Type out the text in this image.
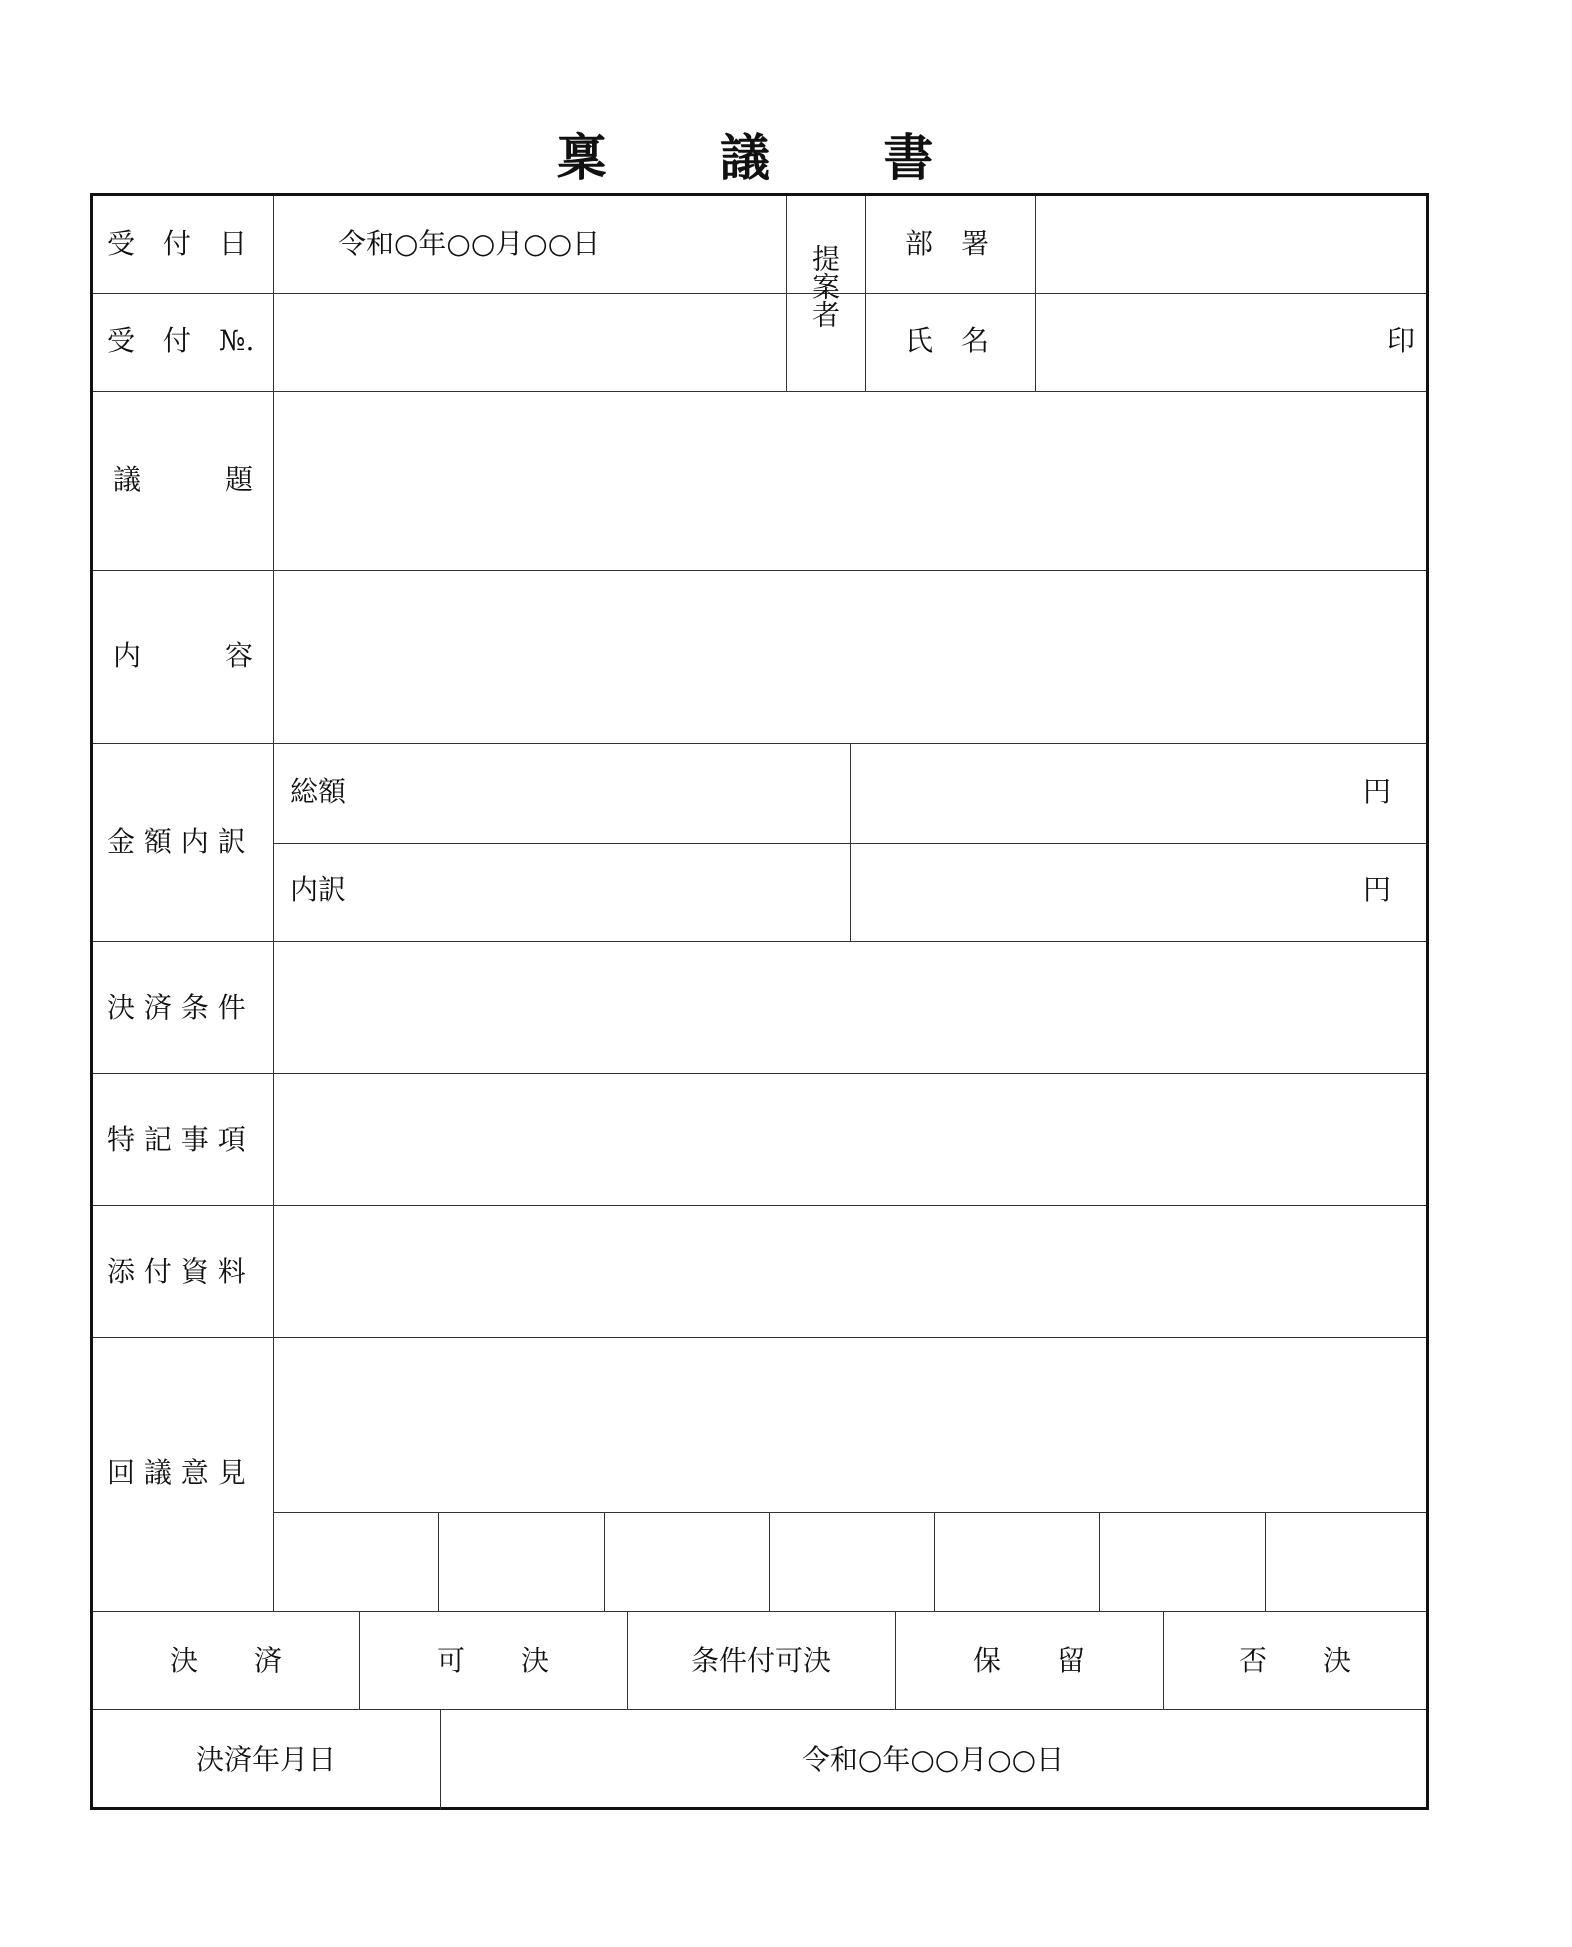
稟 議 書
受　付　日	令和○年○○月○○日
受　付　№.
提案者
部　署
氏　名	印
議　　　題
内　　　容
金 額 内 訳
総額	円
内訳	円
決 済 条 件
特 記 事 項
添 付 資 料
回 議 意 見
決　　済	可　　決	条件付可決	保　　留	否　　決
決済年月日	令和○年○○月○○日
